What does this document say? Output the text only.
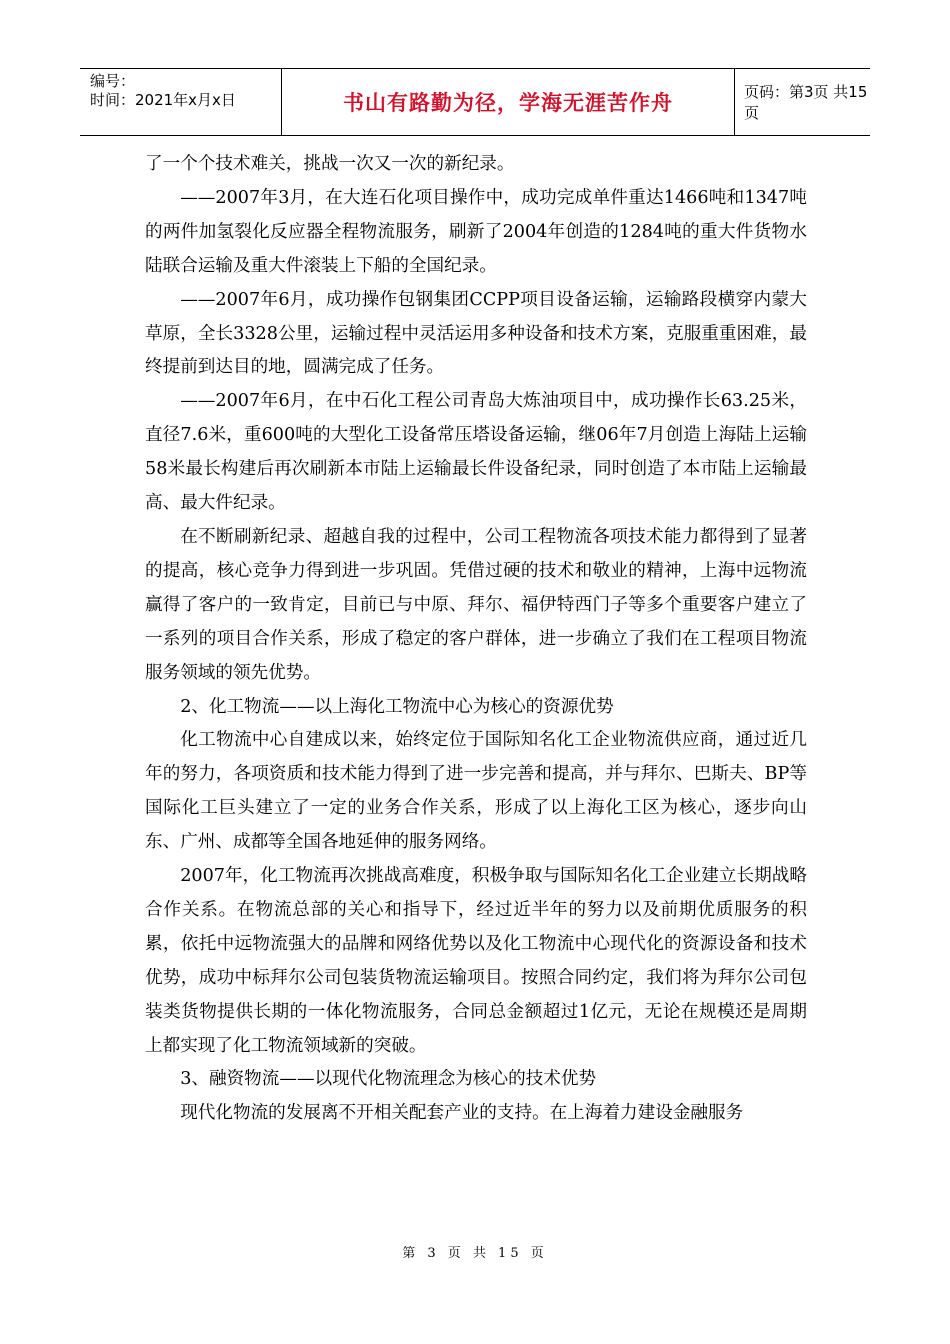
编号：
时间：2021年x月x日	书山有路勤为径，学海无涯苦作舟	页码：第3页 共15页

了一个个技术难关，挑战一次又一次的新纪录。

——2007年3月，在大连石化项目操作中，成功完成单件重达1466吨和1347吨的两件加氢裂化反应器全程物流服务，刷新了2004年创造的1284吨的重大件货物水陆联合运输及重大件滚装上下船的全国纪录。

——2007年6月，成功操作包钢集团CCPP项目设备运输，运输路段横穿内蒙大草原，全长3328公里，运输过程中灵活运用多种设备和技术方案，克服重重困难，最终提前到达目的地，圆满完成了任务。

——2007年6月，在中石化工程公司青岛大炼油项目中，成功操作长63.25米，直径7.6米，重600吨的大型化工设备常压塔设备运输，继06年7月创造上海陆上运输58米最长构建后再次刷新本市陆上运输最长件设备纪录，同时创造了本市陆上运输最高、最大件纪录。

在不断刷新纪录、超越自我的过程中，公司工程物流各项技术能力都得到了显著的提高，核心竞争力得到进一步巩固。凭借过硬的技术和敬业的精神，上海中远物流赢得了客户的一致肯定，目前已与中原、拜尔、福伊特西门子等多个重要客户建立了一系列的项目合作关系，形成了稳定的客户群体，进一步确立了我们在工程项目物流服务领域的领先优势。

2、化工物流——以上海化工物流中心为核心的资源优势

化工物流中心自建成以来，始终定位于国际知名化工企业物流供应商，通过近几年的努力，各项资质和技术能力得到了进一步完善和提高，并与拜尔、巴斯夫、BP等国际化工巨头建立了一定的业务合作关系，形成了以上海化工区为核心，逐步向山东、广州、成都等全国各地延伸的服务网络。

2007年，化工物流再次挑战高难度，积极争取与国际知名化工企业建立长期战略合作关系。在物流总部的关心和指导下，经过近半年的努力以及前期优质服务的积累，依托中远物流强大的品牌和网络优势以及化工物流中心现代化的资源设备和技术优势，成功中标拜尔公司包装货物流运输项目。按照合同约定，我们将为拜尔公司包装类货物提供长期的一体化物流服务，合同总金额超过1亿元，无论在规模还是周期上都实现了化工物流领域新的突破。

3、融资物流——以现代化物流理念为核心的技术优势

现代化物流的发展离不开相关配套产业的支持。在上海着力建设金融服务

第 3 页 共 15 页
